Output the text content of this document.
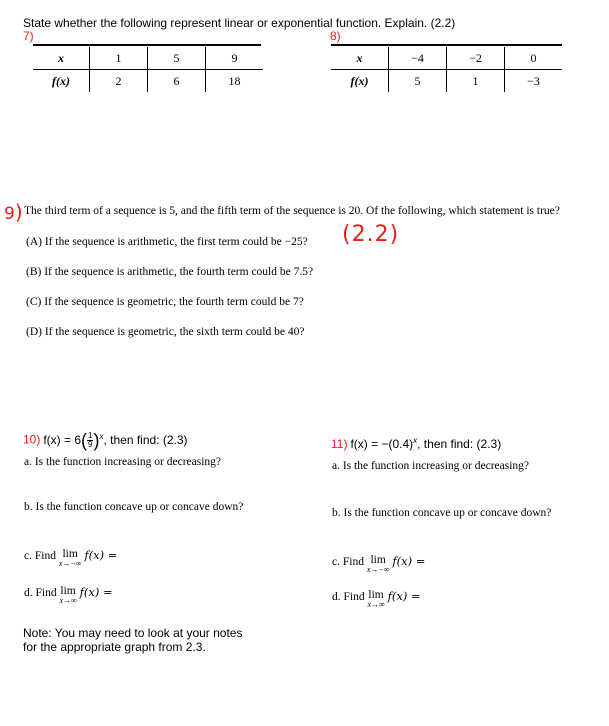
State whether the following represent linear or exponential function. Explain. (2.2)
7)
x	1	5	9
f(x)	2	6	18
8)
x	−4	−2	0
f(x)	5	1	−3
9) The third term of a sequence is 5, and the fifth term of the sequence is 20. Of the following, which statement is true?
(2.2)
(A) If the sequence is arithmetic, the first term could be −25?
(B) If the sequence is arithmetic, the fourth term could be 7.5?
(C) If the sequence is geometric, the fourth term could be 7?
(D) If the sequence is geometric, the sixth term could be 40?
10) $f(x) = 6( \frac{1}{9})^x$, then find: (2.3)
a. Is the function increasing or decreasing?
b. Is the function concave up or concave down?
c. Find lim
x→−∞
f(x) =
d. Find lim
x→∞
f(x) =
Note: You may need to look at your notes
for the appropriate graph from 2.3.
11) $f(x) = -(0.4)^x$, then find: (2.3)
a. Is the function increasing or decreasing?
b. Is the function concave up or concave down?
c. Find lim
x→−∞
f(x) =
d. Find lim
x→∞
f(x) =
